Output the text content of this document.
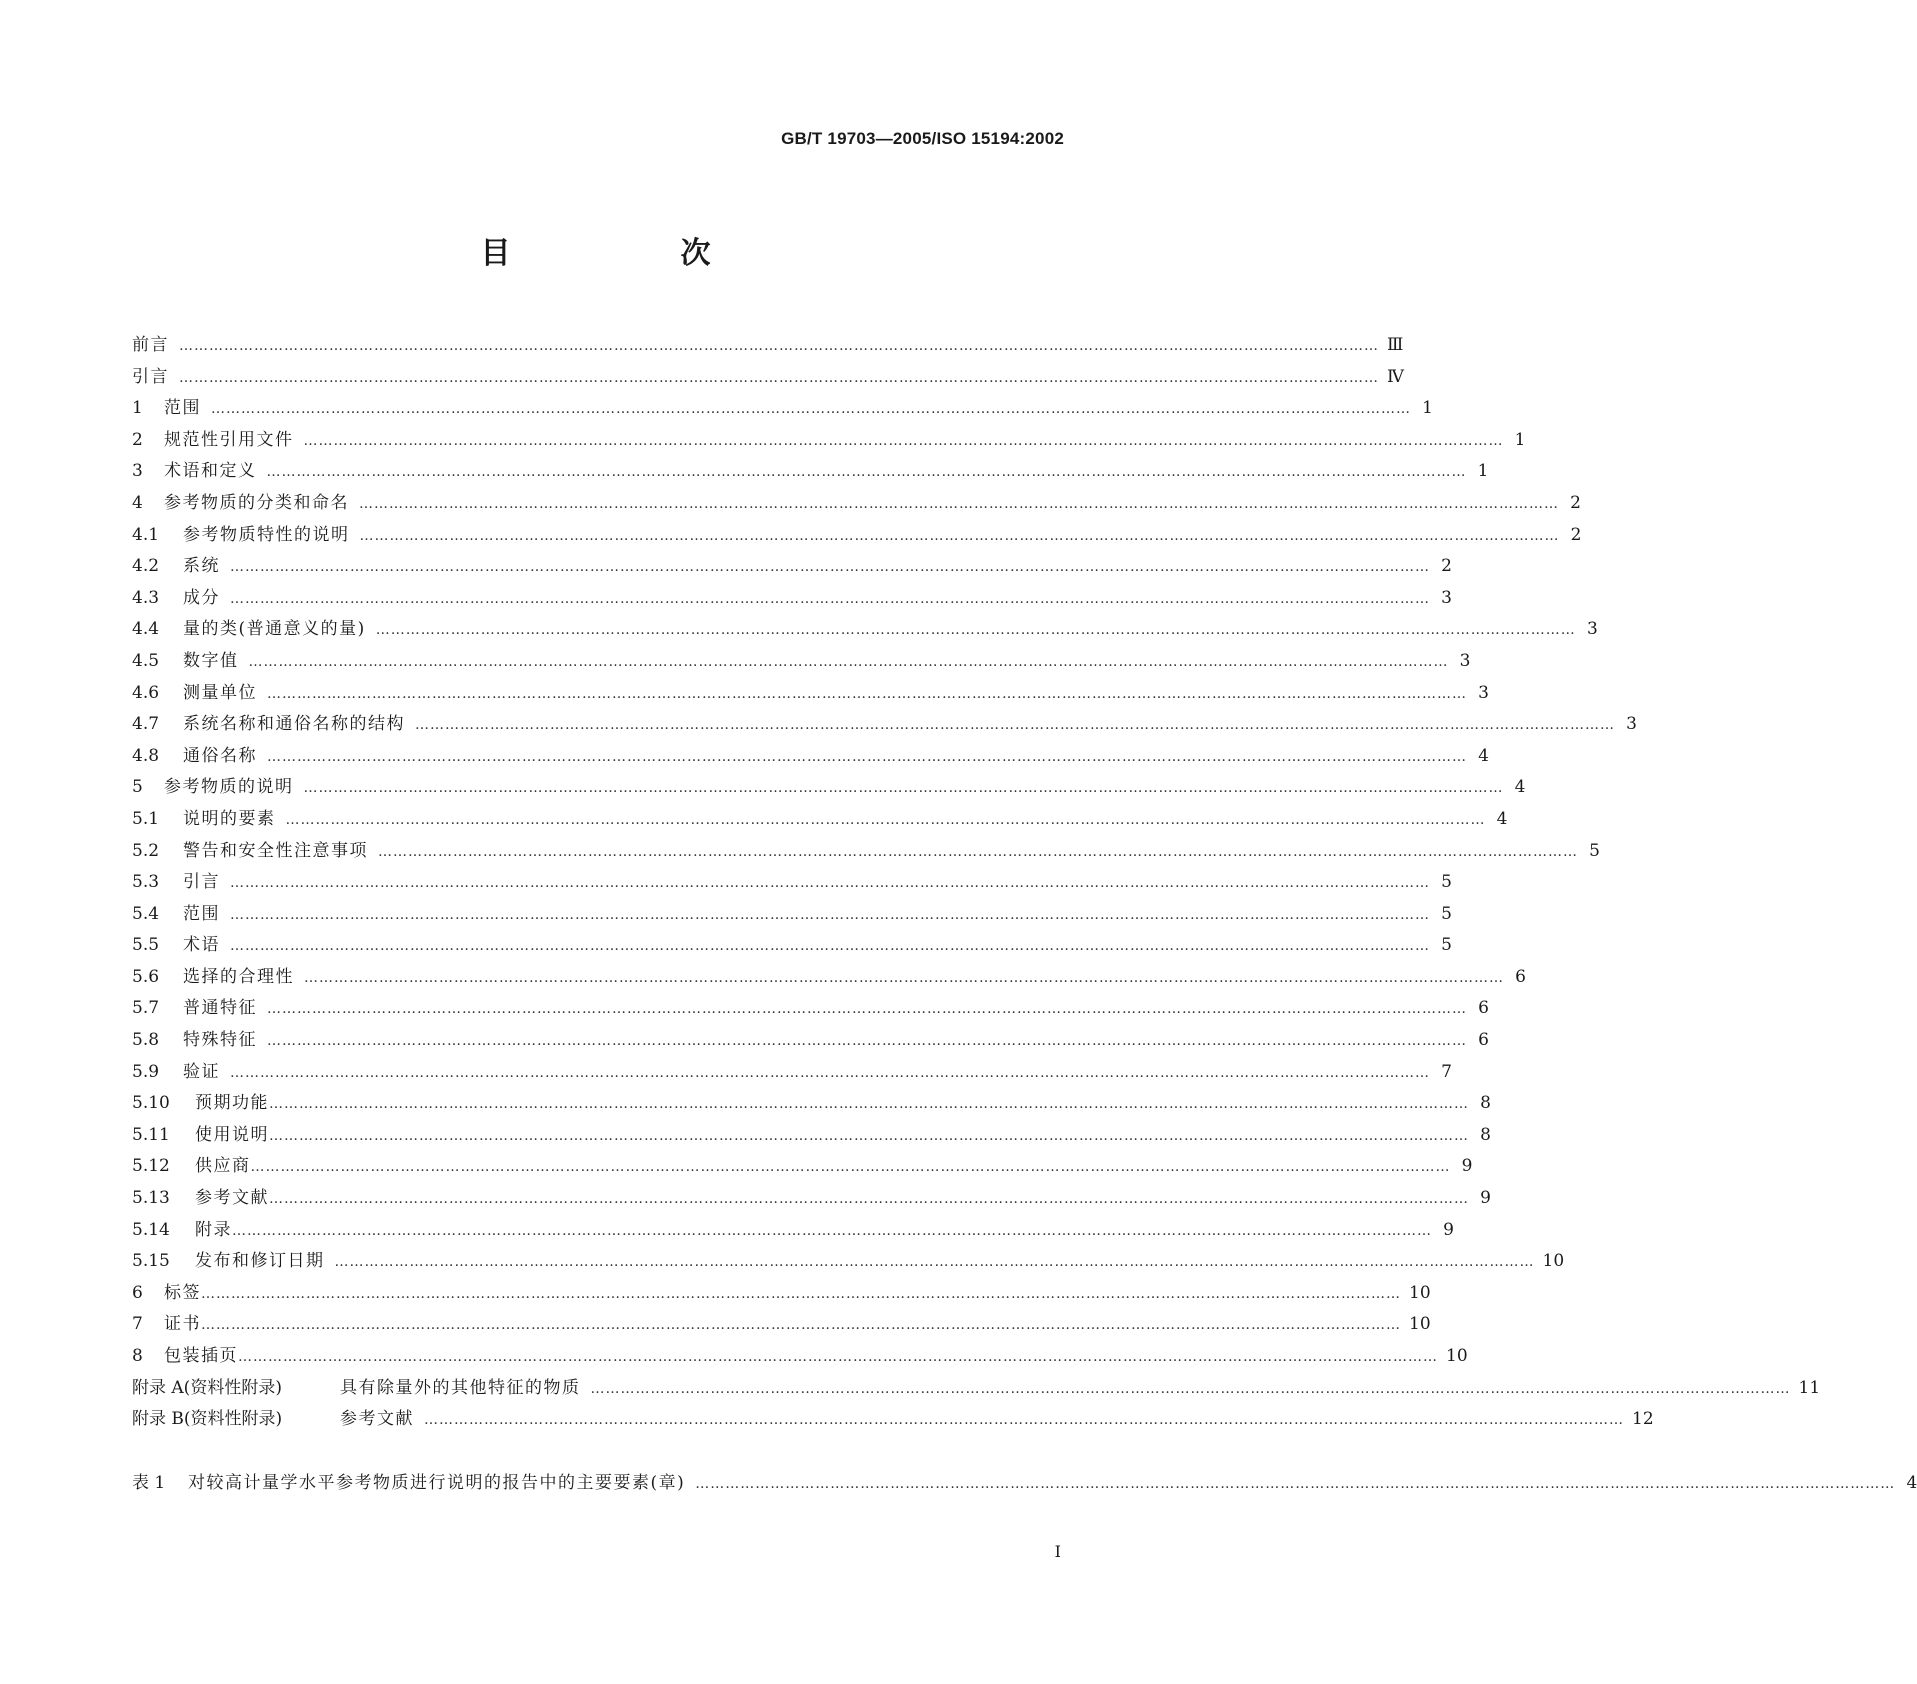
GB/T 19703—2005/ISO 15194:2002
目　次
前言 …………………………………………………………………………………………………………………………………………………………………………………………………………………… Ⅲ
引言 …………………………………………………………………………………………………………………………………………………………………………………………………………………… Ⅳ
1	范围 …………………………………………………………………………………………………………………………………………………………………………………………………………………… 1
2	规范性引用文件 …………………………………………………………………………………………………………………………………………………………………………………………………………………… 1
3	术语和定义 …………………………………………………………………………………………………………………………………………………………………………………………………………………… 1
4	参考物质的分类和命名 …………………………………………………………………………………………………………………………………………………………………………………………………………………… 2
4.1	参考物质特性的说明 …………………………………………………………………………………………………………………………………………………………………………………………………………………… 2
4.2	系统 …………………………………………………………………………………………………………………………………………………………………………………………………………………… 2
4.3	成分 …………………………………………………………………………………………………………………………………………………………………………………………………………………… 3
4.4	量的类(普通意义的量) …………………………………………………………………………………………………………………………………………………………………………………………………………………… 3
4.5	数字值 …………………………………………………………………………………………………………………………………………………………………………………………………………………… 3
4.6	测量单位 …………………………………………………………………………………………………………………………………………………………………………………………………………………… 3
4.7	系统名称和通俗名称的结构 …………………………………………………………………………………………………………………………………………………………………………………………………………………… 3
4.8	通俗名称 …………………………………………………………………………………………………………………………………………………………………………………………………………………… 4
5	参考物质的说明 …………………………………………………………………………………………………………………………………………………………………………………………………………………… 4
5.1	说明的要素 …………………………………………………………………………………………………………………………………………………………………………………………………………………… 4
5.2	警告和安全性注意事项 …………………………………………………………………………………………………………………………………………………………………………………………………………………… 5
5.3	引言 …………………………………………………………………………………………………………………………………………………………………………………………………………………… 5
5.4	范围 …………………………………………………………………………………………………………………………………………………………………………………………………………………… 5
5.5	术语 …………………………………………………………………………………………………………………………………………………………………………………………………………………… 5
5.6	选择的合理性 …………………………………………………………………………………………………………………………………………………………………………………………………………………… 6
5.7	普通特征 …………………………………………………………………………………………………………………………………………………………………………………………………………………… 6
5.8	特殊特征 …………………………………………………………………………………………………………………………………………………………………………………………………………………… 6
5.9	验证 …………………………………………………………………………………………………………………………………………………………………………………………………………………… 7
5.10	预期功能 …………………………………………………………………………………………………………………………………………………………………………………………………………………… 8
5.11	使用说明 …………………………………………………………………………………………………………………………………………………………………………………………………………………… 8
5.12	供应商 …………………………………………………………………………………………………………………………………………………………………………………………………………………… 9
5.13	参考文献 …………………………………………………………………………………………………………………………………………………………………………………………………………………… 9
5.14	附录 …………………………………………………………………………………………………………………………………………………………………………………………………………………… 9
5.15	发布和修订日期 …………………………………………………………………………………………………………………………………………………………………………………………………………………… 10
6	标签 …………………………………………………………………………………………………………………………………………………………………………………………………………………… 10
7	证书 …………………………………………………………………………………………………………………………………………………………………………………………………………………… 10
8	包装插页 …………………………………………………………………………………………………………………………………………………………………………………………………………………… 10
附录 A(资料性附录)	具有除量外的其他特征的物质 …………………………………………………………………………………………………………………………………………………………………………………………………………………… 11
附录 B(资料性附录)	参考文献 …………………………………………………………………………………………………………………………………………………………………………………………………………………… 12
表 1	对较高计量学水平参考物质进行说明的报告中的主要要素(章) …………………………………………………………………………………………………………………………………………………………………………………………………………………… 4
I
